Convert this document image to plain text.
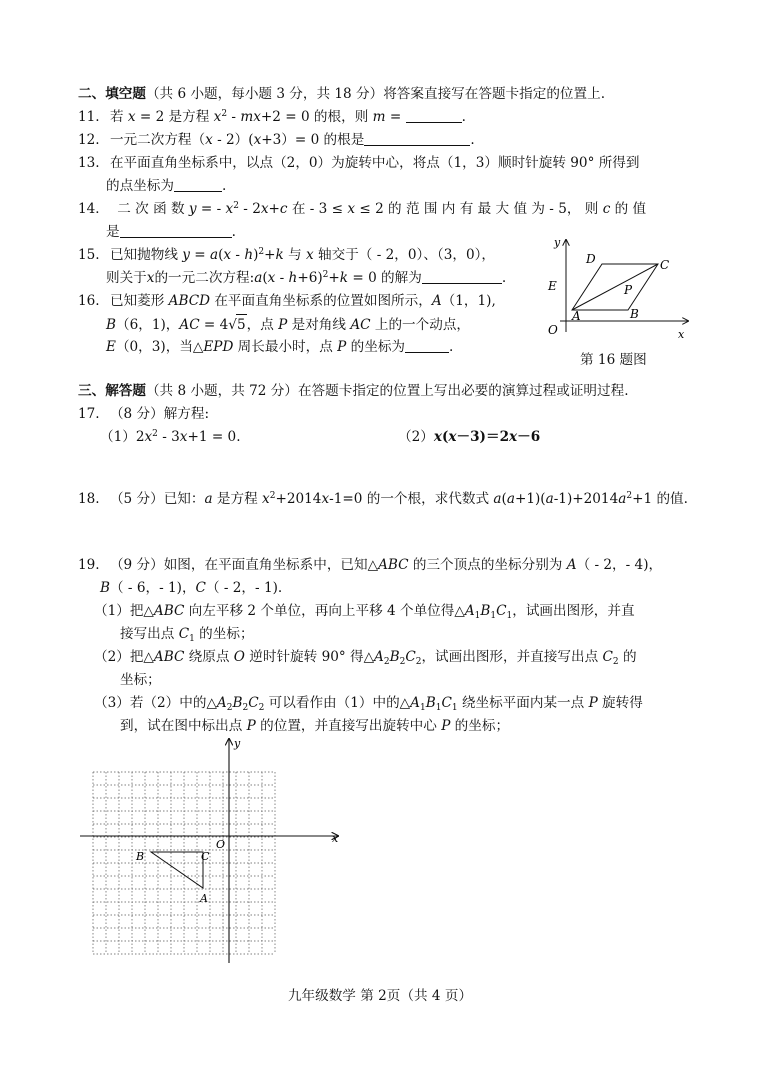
二、填空题（共 6 小题，每小题 3 分，共 18 分）将答案直接写在答题卡指定的位置上.
11. 若 x = 2 是方程 $x^2$ ‐ mx+2 = 0 的根，则 m =	.
12. 一元二次方程（x ‐ 2）(x+3）= 0 的根是	.
13. 在平面直角坐标系中，以点（2，0）为旋转中心，将点（1，3）顺时针旋转 90° 所得到
的点坐标为	.
14． 二 次 函 数 y = ‐ $x^2$ ‐ 2x+c 在 ‐ 3 ≤ x ≤ 2 的 范 围 内 有 最 大 值 为 ‐ 5， 则 c 的 值
是	.
15. 已知抛物线 y = a(x ‐ h)$^2$+k 与 x 轴交于（ ‐ 2，0）、（3，0），
则关于x的一元二次方程:a(x ‐ h+6)$^2$+k = 0 的解为	.
16. 已知菱形 ABCD 在平面直角坐标系的位置如图所示，A（1，1),
B（6，1)，AC = 4√5，点 P 是对角线 AC 上的一个动点，
E（0，3)，当△EPD 周长最小时，点 P 的坐标为	.
y
x
O
D	C
E	P
A	B
第 16 题图
三、解答题（共 8 小题，共 72 分）在答题卡指定的位置上写出必要的演算过程或证明过程.
17. （8 分）解方程:
$(1)2x^2$ ‐ 3x+1 = 0.	（2）x(x－3)＝2x－6
18. （5 分）已知：a 是方程 $x^2+2014x-1=0$ 的一个根，求代数式 $a(a+1)(a-1)+2014a^2+1$ 的值.
19. （9 分）如图，在平面直角坐标系中，已知△ABC 的三个顶点的坐标分别为 A（ ‐ 2，‐ 4)，
B（ ‐ 6，‐ 1)，C（ ‐ 2，‐ 1).
（1）把△ABC 向左平移 2 个单位，再向上平移 4 个单位得$\triangle A_1B_1C_1$，试画出图形，并直
接写出点 $C_1$ 的坐标；
（2）把△ABC 绕原点 O 逆时针旋转 90° 得$\triangle A_2B_2C_2$，试画出图形，并直接写出点 $C_2$ 的
坐标；
（3）若（2）中的$\triangle A_2B_2C_2$ 可以看作由（1）中的$\triangle A_1B_1C_1$ 绕坐标平面内某一点 P 旋转得
到，试在图中标出点 P 的位置，并直接写出旋转中心 P 的坐标；
y
x
O
B	C
A
九年级数学 第 2页（共 4 页）
